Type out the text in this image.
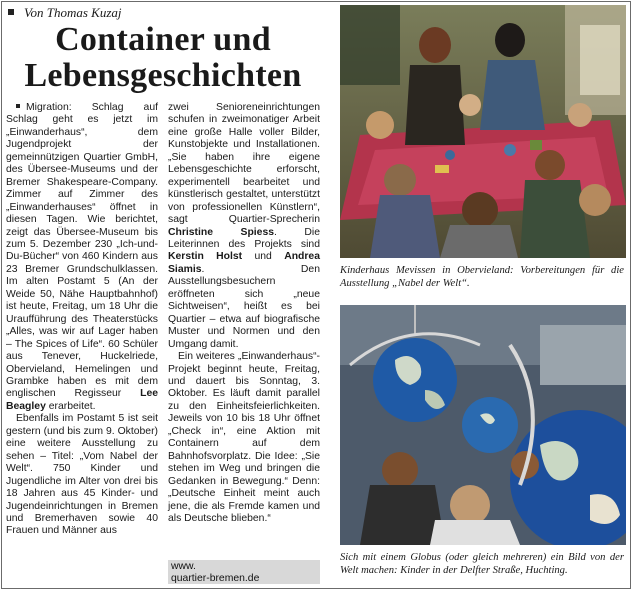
Von Thomas Kuzaj
Container und
Lebensgeschichten

Migration: Schlag auf Schlag geht es jetzt im „Einwanderhaus“, dem Jugendprojekt der gemeinnützigen Quartier GmbH, des Übersee-Museums und der Bremer Shakespeare-Company. Zimmer auf Zimmer des „Einwanderhauses“ öffnet in diesen Tagen. Wie berichtet, zeigt das Übersee-Museum bis zum 5. Dezember 230 „Ich-und-Du-Bücher“ von 460 Kindern aus 23 Bremer Grundschulklassen. Im alten Postamt 5 (An der Weide 50, Nähe Hauptbahnhof) ist heute, Freitag, um 18 Uhr die Uraufführung des Theaterstücks „Alles, was wir auf Lager haben – The Spices of Life“. 60 Schüler aus Tenever, Huckelriede, Obervieland, Hemelingen und Grambke haben es mit dem englischen Regisseur Lee Beagley erarbeitet.

Ebenfalls im Postamt 5 ist seit gestern (und bis zum 9. Oktober) eine weitere Ausstellung zu sehen – Titel: „Vom Nabel der Welt“. 750 Kinder und Jugendliche im Alter von drei bis 18 Jahren aus 45 Kinder- und Jugendeinrichtungen in Bremen und Bremerhaven sowie 40 Frauen und Männer aus

zwei Senioreneinrichtungen schufen in zweimonatiger Arbeit eine große Halle voller Bilder, Kunstobjekte und Installationen. „Sie haben ihre eigene Lebensgeschichte erforscht, experimentell bearbeitet und künstlerisch gestaltet, unterstützt von professionellen Künstlern“, sagt Quartier-Sprecherin Christine Spiess. Die Leiterinnen des Projekts sind Kerstin Holst und Andrea Siamis. Den Ausstellungsbesuchern eröffneten sich „neue Sichtweisen“, heißt es bei Quartier – etwa auf biografische Muster und Normen und den Umgang damit.

Ein weiteres „Einwanderhaus“-Projekt beginnt heute, Freitag, und dauert bis Sonntag, 3. Oktober. Es läuft damit parallel zu den Einheitsfeierlichkeiten. Jeweils von 10 bis 18 Uhr öffnet „Check in“, eine Aktion mit Containern auf dem Bahnhofsvorplatz. Die Idee: „Sie stehen im Weg und bringen die Gedanken in Bewegung.“ Denn: „Deutsche Einheit meint auch jene, die als Fremde kamen und als Deutsche blieben.“

www.
quartier-bremen.de
Kinderhaus Mevissen in Obervieland: Vorbereitungen für die Ausstellung „Nabel der Welt“.
Sich mit einem Globus (oder gleich mehreren) ein Bild von der Welt machen: Kinder in der Delfter Straße, Huchting.
